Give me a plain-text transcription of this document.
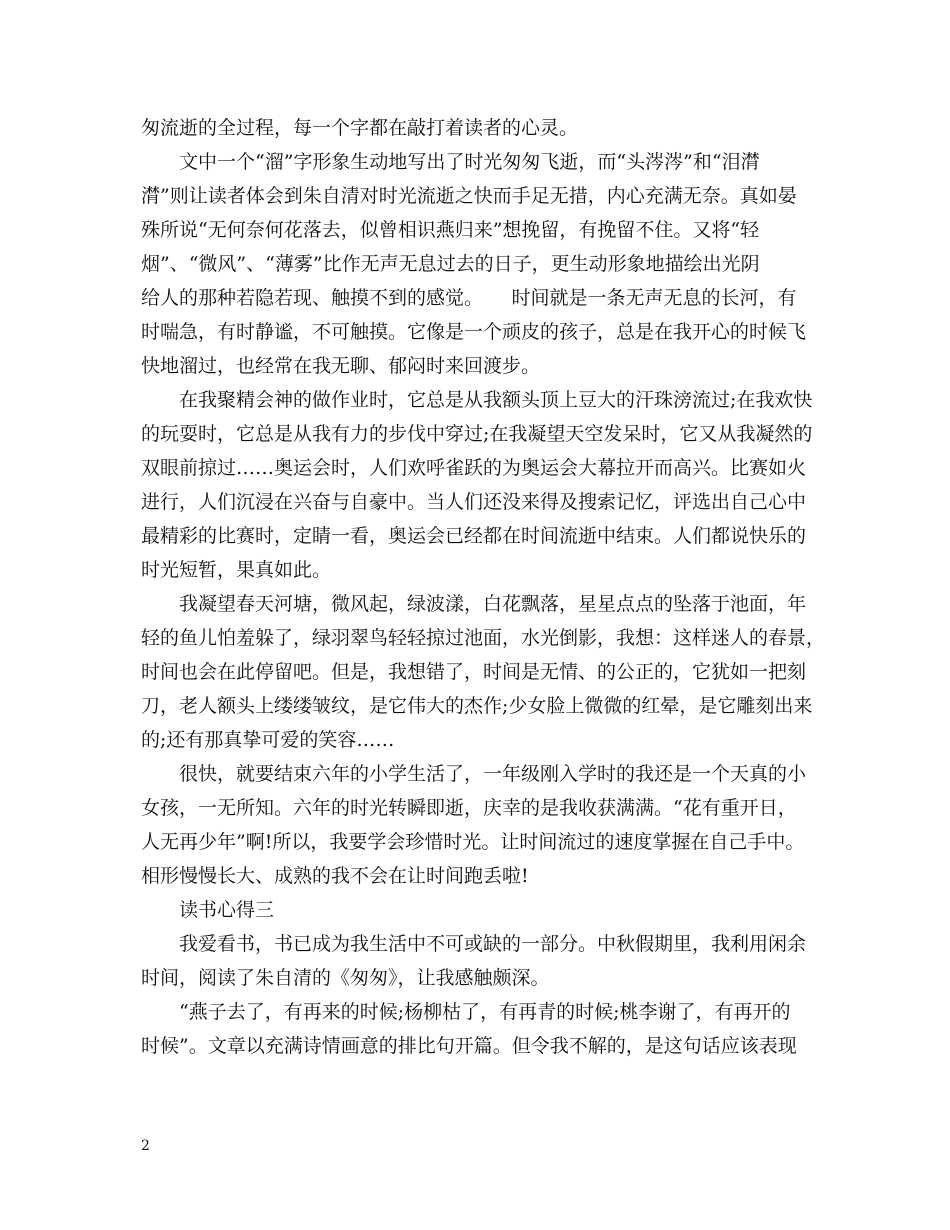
匆流逝的全过程，每一个字都在敲打着读者的心灵。
　　文中一个“溜”字形象生动地写出了时光匆匆飞逝，而“头涔涔”和“泪潸
潸”则让读者体会到朱自清对时光流逝之快而手足无措，内心充满无奈。真如晏
殊所说“无何奈何花落去，似曾相识燕归来”想挽留，有挽留不住。又将“轻
烟”、“微风”、“薄雾”比作无声无息过去的日子，更生动形象地描绘出光阴
给人的那种若隐若现、触摸不到的感觉。　　时间就是一条无声无息的长河，有
时喘急，有时静谧，不可触摸。它像是一个顽皮的孩子，总是在我开心的时候飞
快地溜过，也经常在我无聊、郁闷时来回渡步。
　　在我聚精会神的做作业时，它总是从我额头顶上豆大的汗珠滂流过;在我欢快
的玩耍时，它总是从我有力的步伐中穿过;在我凝望天空发呆时，它又从我凝然的
双眼前掠过……奥运会时，人们欢呼雀跃的为奥运会大幕拉开而高兴。比赛如火
进行，人们沉浸在兴奋与自豪中。当人们还没来得及搜索记忆，评选出自己心中
最精彩的比赛时，定睛一看，奥运会已经都在时间流逝中结束。人们都说快乐的
时光短暂，果真如此。
　　我凝望春天河塘，微风起，绿波漾，白花飘落，星星点点的坠落于池面，年
轻的鱼儿怕羞躲了，绿羽翠鸟轻轻掠过池面，水光倒影，我想：这样迷人的春景，
时间也会在此停留吧。但是，我想错了，时间是无情、的公正的，它犹如一把刻
刀，老人额头上缕缕皱纹，是它伟大的杰作;少女脸上微微的红晕，是它雕刻出来
的;还有那真挚可爱的笑容……
　　很快，就要结束六年的小学生活了，一年级刚入学时的我还是一个天真的小
女孩，一无所知。六年的时光转瞬即逝，庆幸的是我收获满满。“花有重开日，
人无再少年”啊!所以，我要学会珍惜时光。让时间流过的速度掌握在自己手中。
相形慢慢长大、成熟的我不会在让时间跑丢啦!
　　读书心得三
　　我爱看书，书已成为我生活中不可或缺的一部分。中秋假期里，我利用闲余
时间，阅读了朱自清的《匆匆》，让我感触颇深。
　　“燕子去了，有再来的时候;杨柳枯了，有再青的时候;桃李谢了，有再开的
时候”。文章以充满诗情画意的排比句开篇。但令我不解的，是这句话应该表现
2
